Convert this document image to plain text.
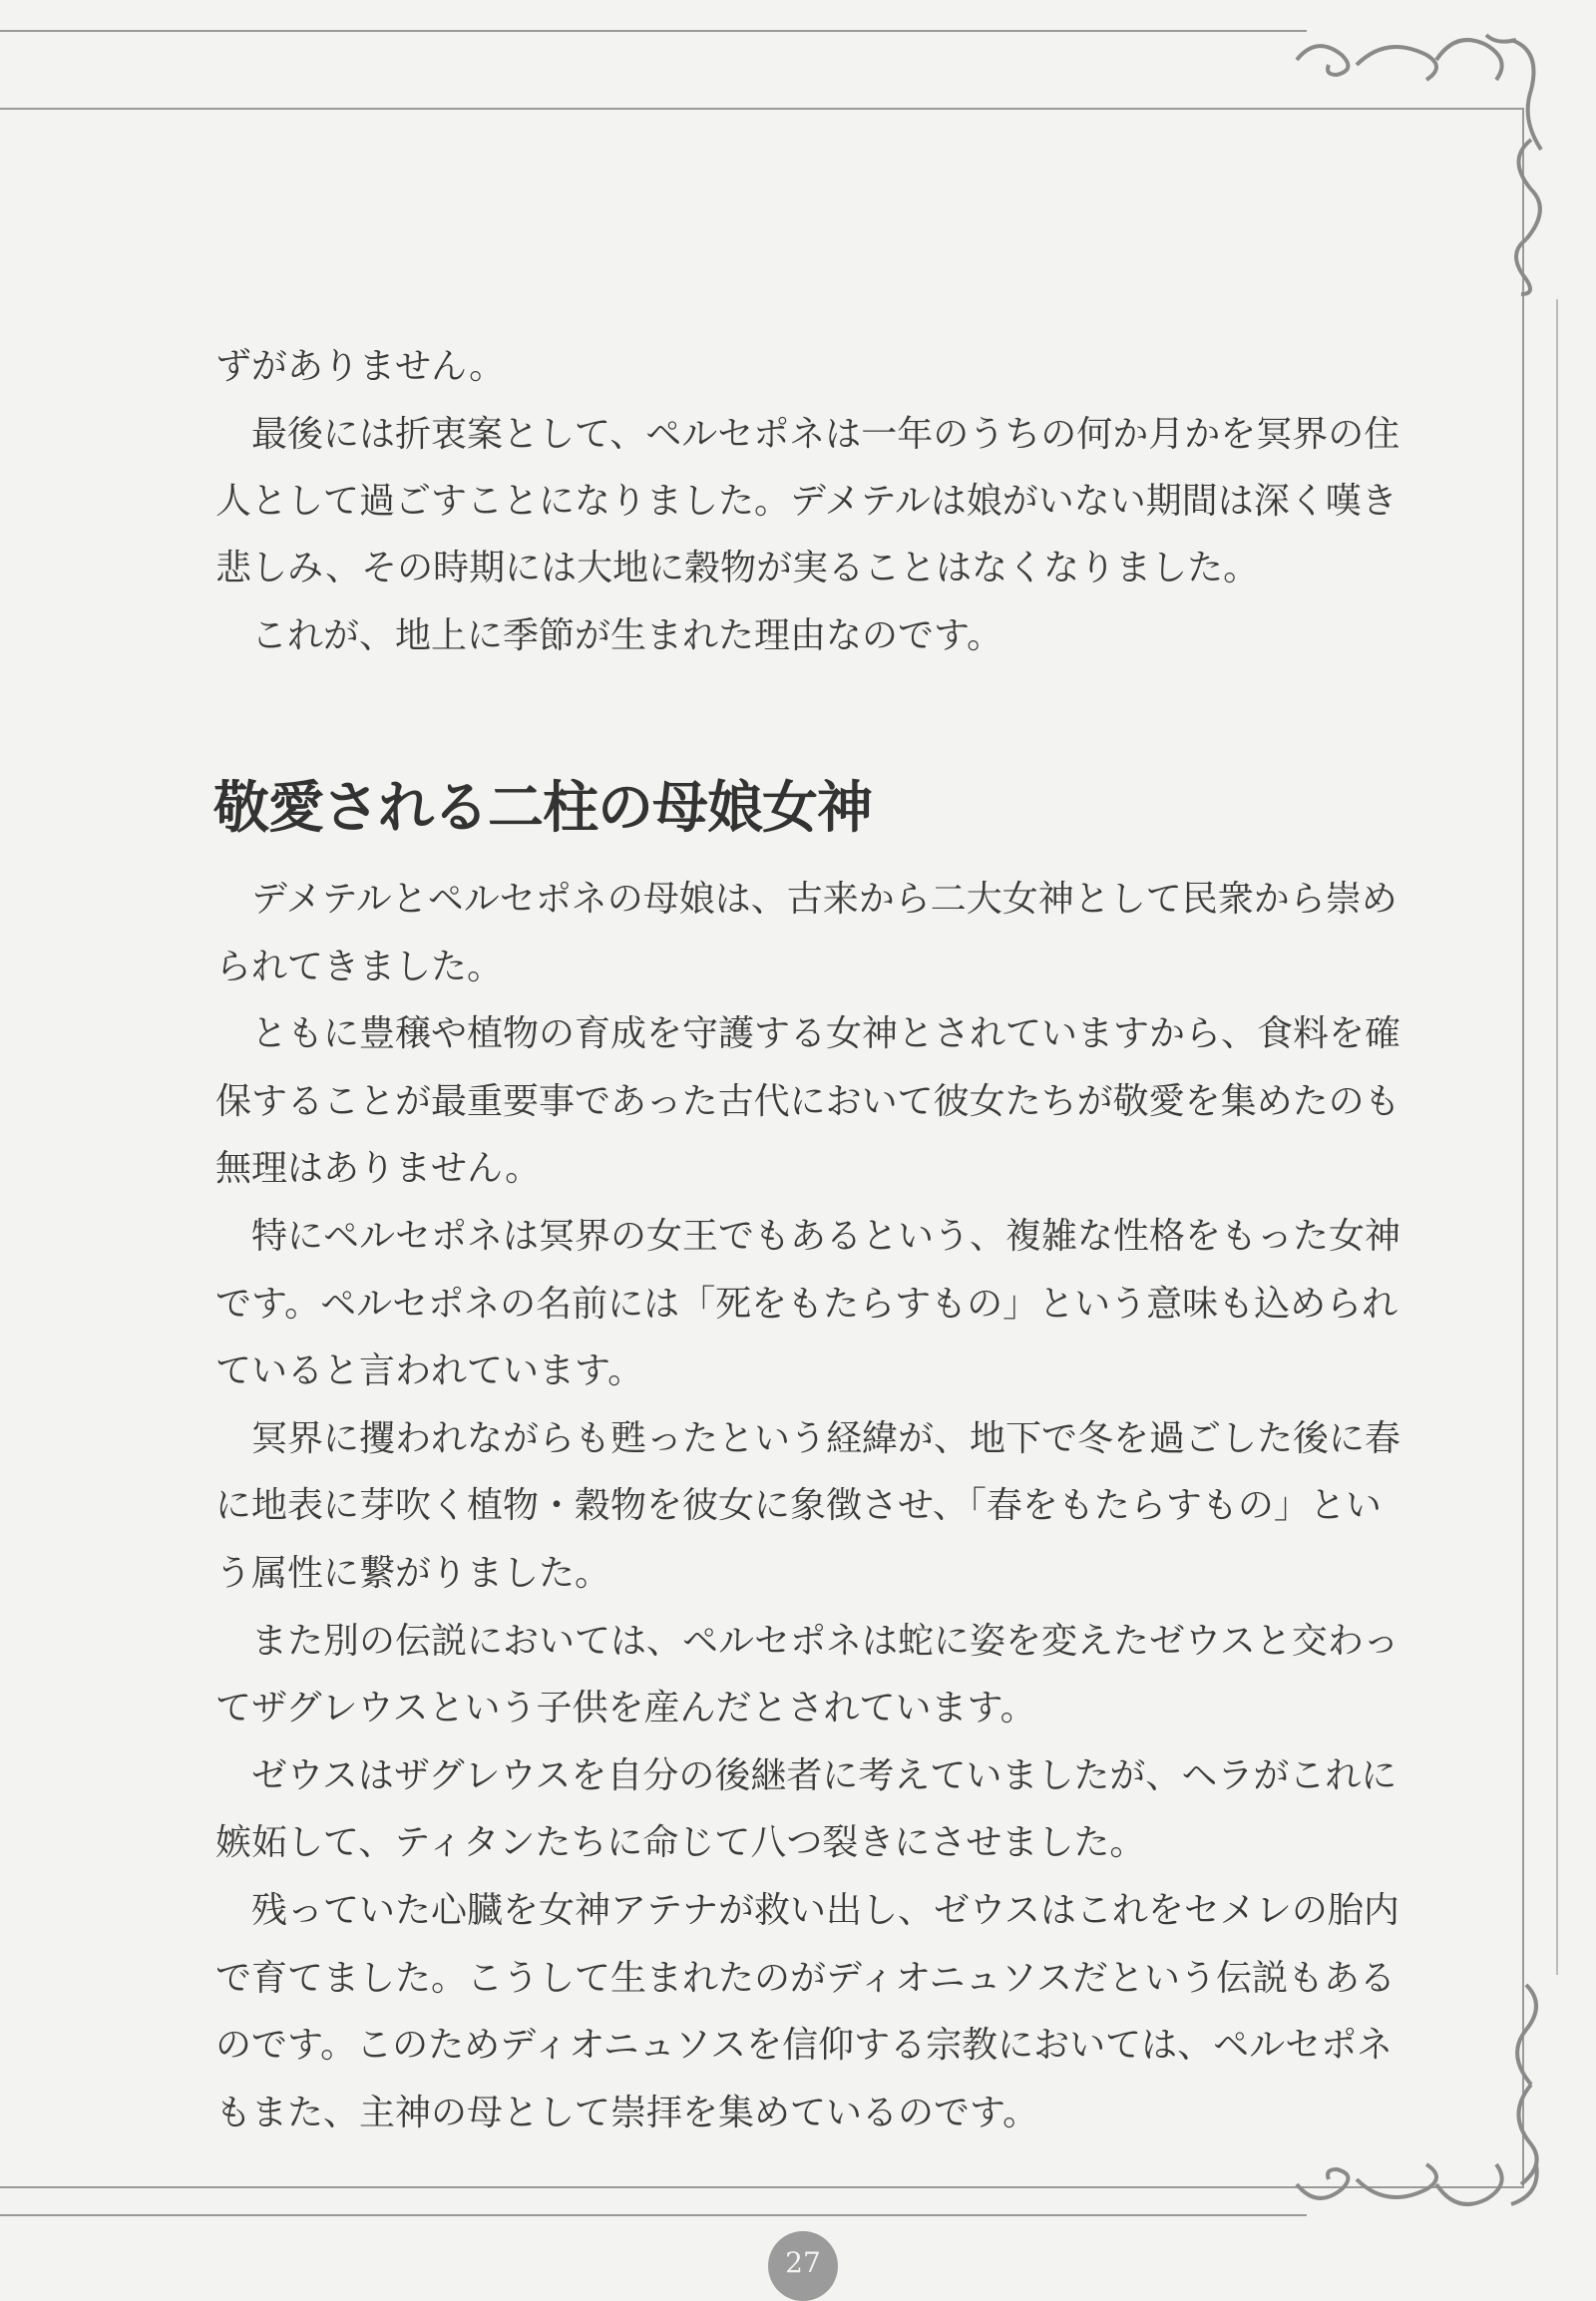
ずがありません。
最後には折衷案として、ペルセポネは一年のうちの何か月かを冥界の住
人として過ごすことになりました。デメテルは娘がいない期間は深く嘆き
悲しみ、その時期には大地に穀物が実ることはなくなりました。
これが、地上に季節が生まれた理由なのです。
敬愛される二柱の母娘女神
デメテルとペルセポネの母娘は、古来から二大女神として民衆から崇め
られてきました。
ともに豊穣や植物の育成を守護する女神とされていますから、食料を確
保することが最重要事であった古代において彼女たちが敬愛を集めたのも
無理はありません。
特にペルセポネは冥界の女王でもあるという、複雑な性格をもった女神
です。ペルセポネの名前には「死をもたらすもの」という意味も込められ
ていると言われています。
冥界に攫われながらも甦ったという経緯が、地下で冬を過ごした後に春
に地表に芽吹く植物・穀物を彼女に象徴させ、「春をもたらすもの」とい
う属性に繋がりました。
また別の伝説においては、ペルセポネは蛇に姿を変えたゼウスと交わっ
てザグレウスという子供を産んだとされています。
ゼウスはザグレウスを自分の後継者に考えていましたが、ヘラがこれに
嫉妬して、ティタンたちに命じて八つ裂きにさせました。
残っていた心臓を女神アテナが救い出し、ゼウスはこれをセメレの胎内
で育てました。こうして生まれたのがディオニュソスだという伝説もある
のです。このためディオニュソスを信仰する宗教においては、ペルセポネ
もまた、主神の母として崇拝を集めているのです。
27
